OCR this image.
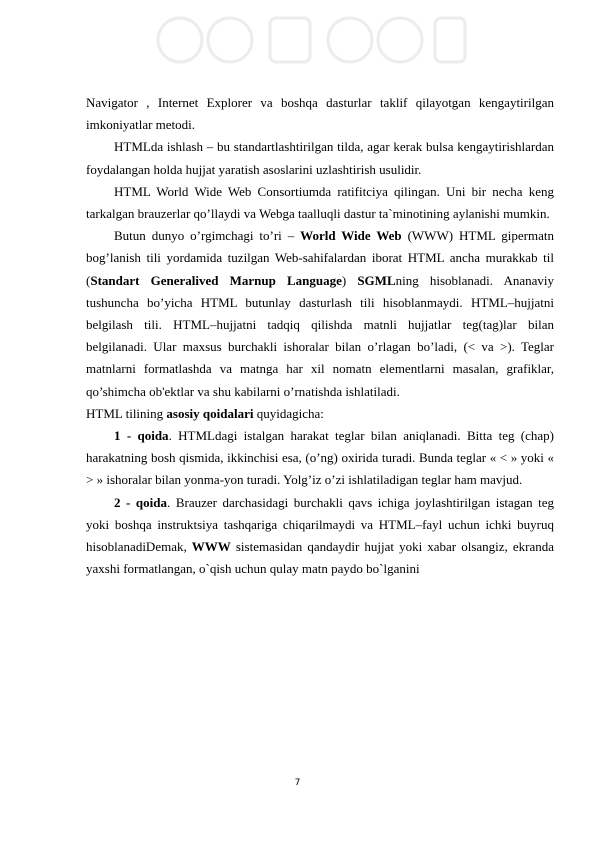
Navigator , Internet Explorer va boshqa dasturlar taklif qilayotgan kengaytirilgan imkoniyatlar metodi.

HTMLda ishlash – bu standartlashtirilgan tilda, agar kerak bulsa kengaytirishlardan foydalangan holda hujjat yaratish asoslarini uzlashtirish usulidir.

HTML World Wide Web Consortiumda ratifitciya qilingan. Uni bir necha keng tarkalgan brauzerlar qo’llaydi va Webga taalluqli dastur ta`minotining aylanishi mumkin.

Butun dunyo o’rgimchagi to’ri – World Wide Web (WWW) HTML gipermatn bog’lanish tili yordamida tuzilgan Web-sahifalardan iborat HTML ancha murakkab til (Standart Generalived Marnup Language) SGMLning hisoblanadi. Ananaviy tushuncha bo’yicha HTML butunlay dasturlash tili hisoblanmaydi. HTML–hujjatni belgilash tili. HTML–hujjatni tadqiq qilishda matnli hujjatlar teg(tag)lar bilan belgilanadi. Ular maxsus burchakli ishoralar bilan o’rlagan bo’ladi, (< va >). Teglar matnlarni formatlashda va matnga har xil nomatn elementlarni masalan, grafiklar, qo’shimcha ob'ektlar va shu kabilarni o’rnatishda ishlatiladi.

HTML tilining asosiy qoidalari quyidagicha:

1 - qoida. HTMLdagi istalgan harakat teglar bilan aniqlanadi. Bitta teg (chap) harakatning bosh qismida, ikkinchisi esa, (o’ng) oxirida turadi. Bunda teglar « < » yoki « > » ishoralar bilan yonma-yon turadi. Yolg’iz o’zi ishlatiladigan teglar ham mavjud.

2 - qoida. Brauzer darchasidagi burchakli qavs ichiga joylashtirilgan istagan teg yoki boshqa instruktsiya tashqariga chiqarilmaydi va HTML–fayl uchun ichki buyruq hisoblanadiDemak, WWW sistemasidan qandaydir hujjat yoki xabar olsangiz, ekranda yaxshi formatlangan, o`qish uchun qulay matn paydo bo`lganini

7
